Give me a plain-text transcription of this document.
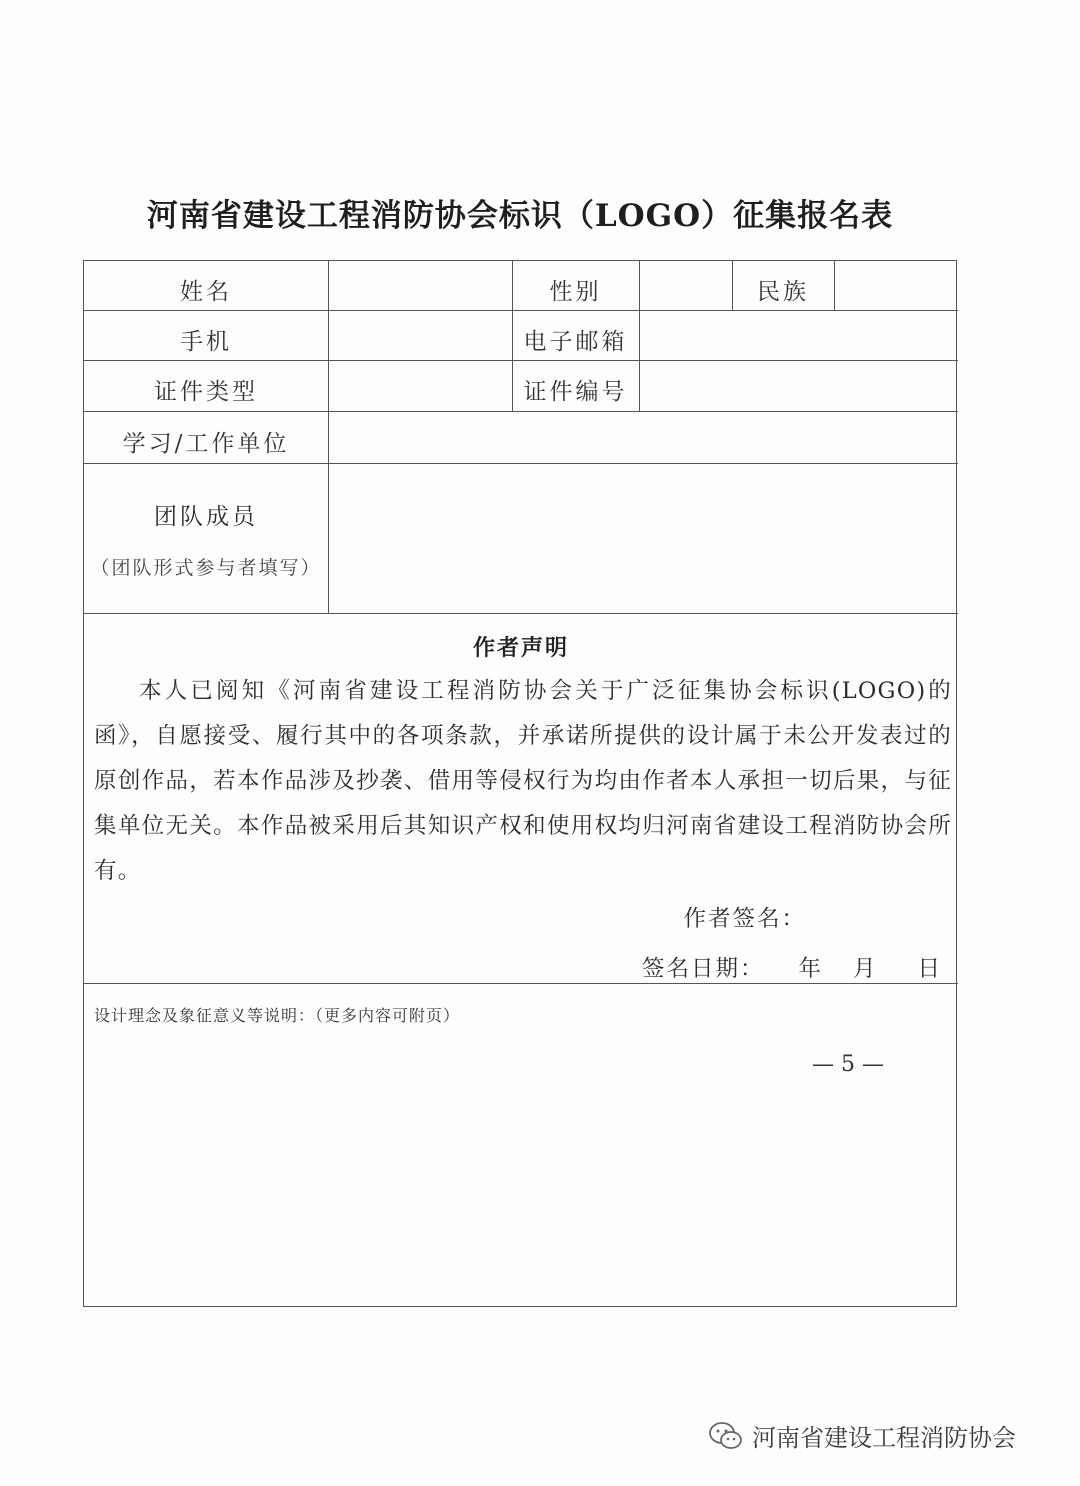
河南省建设工程消防协会标识（LOGO）征集报名表
姓名	性别	民族
手机	电子邮箱
证件类型	证件编号
学习/工作单位
团队成员
（团队形式参与者填写）
作者声明
本人已阅知《河南省建设工程消防协会关于广泛征集协会标识(LOGO)的函》，自愿接受、履行其中的各项条款，并承诺所提供的设计属于未公开发表过的原创作品，若本作品涉及抄袭、借用等侵权行为均由作者本人承担一切后果，与征集单位无关。本作品被采用后其知识产权和使用权均归河南省建设工程消防协会所有。
作者签名：
签名日期： 年 月 日
设计理念及象征意义等说明：（更多内容可附页）
— 5 —
河南省建设工程消防协会
